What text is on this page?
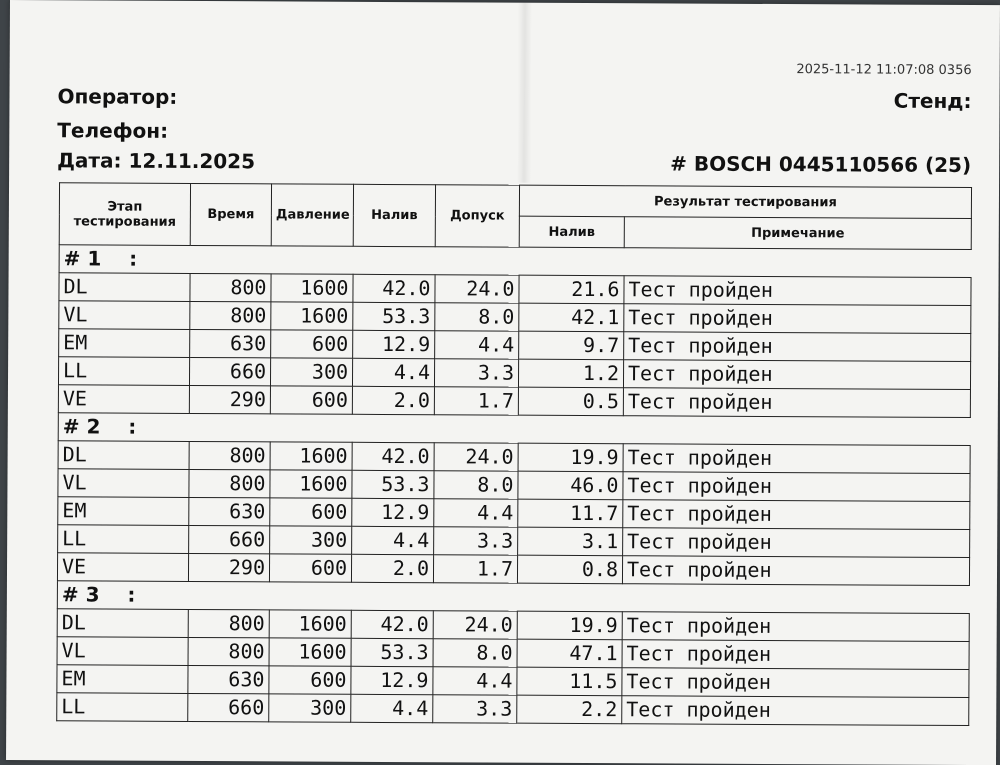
2025-11-12 11:07:08 0356
Оператор:
Телефон:
Дата: 12.11.2025
Стенд:
# BOSCH 0445110566 (25)
Этап тестирования	Время	Давление	Налив	Допуск	Результат тестирования	
					Налив	Примечание
# 1    :						
DL	800	1600	42.0	24.0	21.6	Тест пройден
VL	800	1600	53.3	8.0	42.1	Тест пройден
EM	630	600	12.9	4.4	9.7	Тест пройден
LL	660	300	4.4	3.3	1.2	Тест пройден
VE	290	600	2.0	1.7	0.5	Тест пройден
# 2    :						
DL	800	1600	42.0	24.0	19.9	Тест пройден
VL	800	1600	53.3	8.0	46.0	Тест пройден
EM	630	600	12.9	4.4	11.7	Тест пройден
LL	660	300	4.4	3.3	3.1	Тест пройден
VE	290	600	2.0	1.7	0.8	Тест пройден
# 3    :						
DL	800	1600	42.0	24.0	19.9	Тест пройден
VL	800	1600	53.3	8.0	47.1	Тест пройден
EM	630	600	12.9	4.4	11.5	Тест пройден
LL	660	300	4.4	3.3	2.2	Тест пройден
